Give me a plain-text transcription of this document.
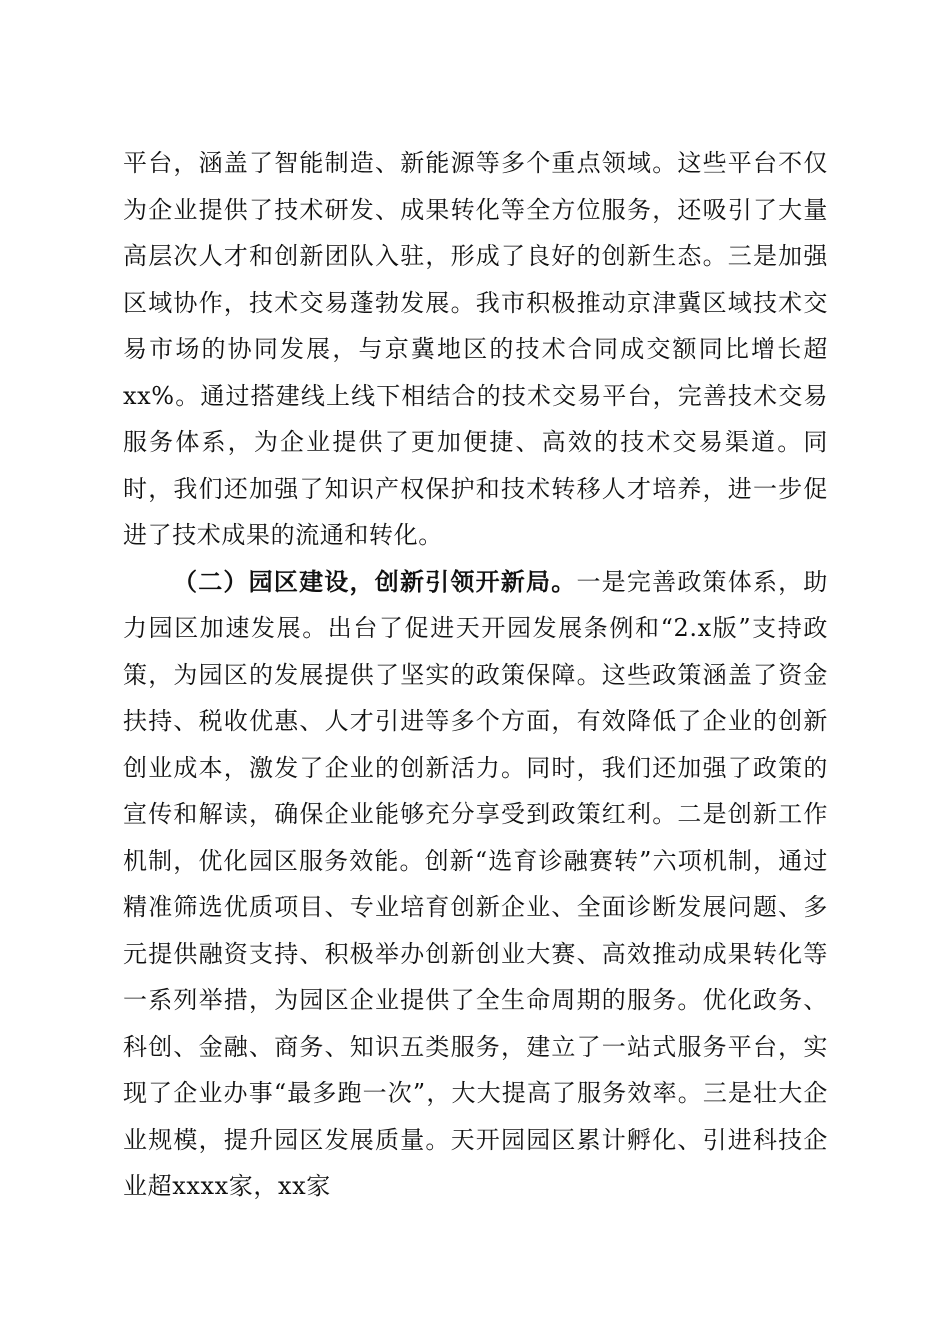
平台，涵盖了智能制造、新能源等多个重点领域。这些平台不仅为企业提供了技术研发、成果转化等全方位服务，还吸引了大量高层次人才和创新团队入驻，形成了良好的创新生态。三是加强区域协作，技术交易蓬勃发展。我市积极推动京津冀区域技术交易市场的协同发展，与京冀地区的技术合同成交额同比增长超xx%。通过搭建线上线下相结合的技术交易平台，完善技术交易服务体系，为企业提供了更加便捷、高效的技术交易渠道。同时，我们还加强了知识产权保护和技术转移人才培养，进一步促进了技术成果的流通和转化。

（二）园区建设，创新引领开新局。一是完善政策体系，助力园区加速发展。出台了促进天开园发展条例和“2.x版”支持政策，为园区的发展提供了坚实的政策保障。这些政策涵盖了资金扶持、税收优惠、人才引进等多个方面，有效降低了企业的创新创业成本，激发了企业的创新活力。同时，我们还加强了政策的宣传和解读，确保企业能够充分享受到政策红利。二是创新工作机制，优化园区服务效能。创新“选育诊融赛转”六项机制，通过精准筛选优质项目、专业培育创新企业、全面诊断发展问题、多元提供融资支持、积极举办创新创业大赛、高效推动成果转化等一系列举措，为园区企业提供了全生命周期的服务。优化政务、科创、金融、商务、知识五类服务，建立了一站式服务平台，实现了企业办事“最多跑一次”，大大提高了服务效率。三是壮大企业规模，提升园区发展质量。天开园园区累计孵化、引进科技企业超xxxx家，xx家
